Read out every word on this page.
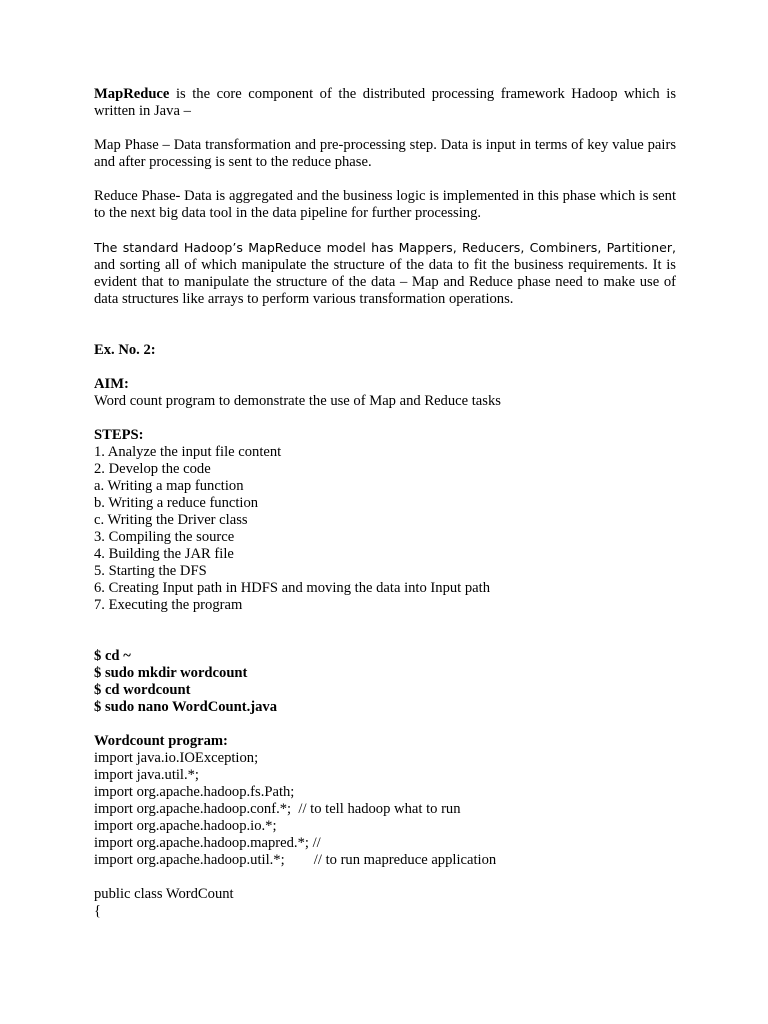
MapReduce is the core component of the distributed processing framework Hadoop which is written in Java –

Map Phase – Data transformation and pre-processing step. Data is input in terms of key value pairs and after processing is sent to the reduce phase.

Reduce Phase- Data is aggregated and the business logic is implemented in this phase which is sent to the next big data tool in the data pipeline for further processing.

The standard Hadoop’s MapReduce model has Mappers, Reducers, Combiners, Partitioner, and sorting all of which manipulate the structure of the data to fit the business requirements. It is evident that to manipulate the structure of the data – Map and Reduce phase need to make use of data structures like arrays to perform various transformation operations.

Ex. No. 2:

AIM:

Word count program to demonstrate the use of Map and Reduce tasks

STEPS:

1. Analyze the input file content

2. Develop the code

a. Writing a map function

b. Writing a reduce function

c. Writing the Driver class

3. Compiling the source

4. Building the JAR file

5. Starting the DFS

6. Creating Input path in HDFS and moving the data into Input path

7. Executing the program

$ cd ~

$ sudo mkdir wordcount

$ cd wordcount

$ sudo nano WordCount.java

Wordcount program:

import java.io.IOException;

import java.util.*;

import org.apache.hadoop.fs.Path;

import org.apache.hadoop.conf.*;  // to tell hadoop what to run

import org.apache.hadoop.io.*;

import org.apache.hadoop.mapred.*; //

import org.apache.hadoop.util.*;        // to run mapreduce application

public class WordCount

{
